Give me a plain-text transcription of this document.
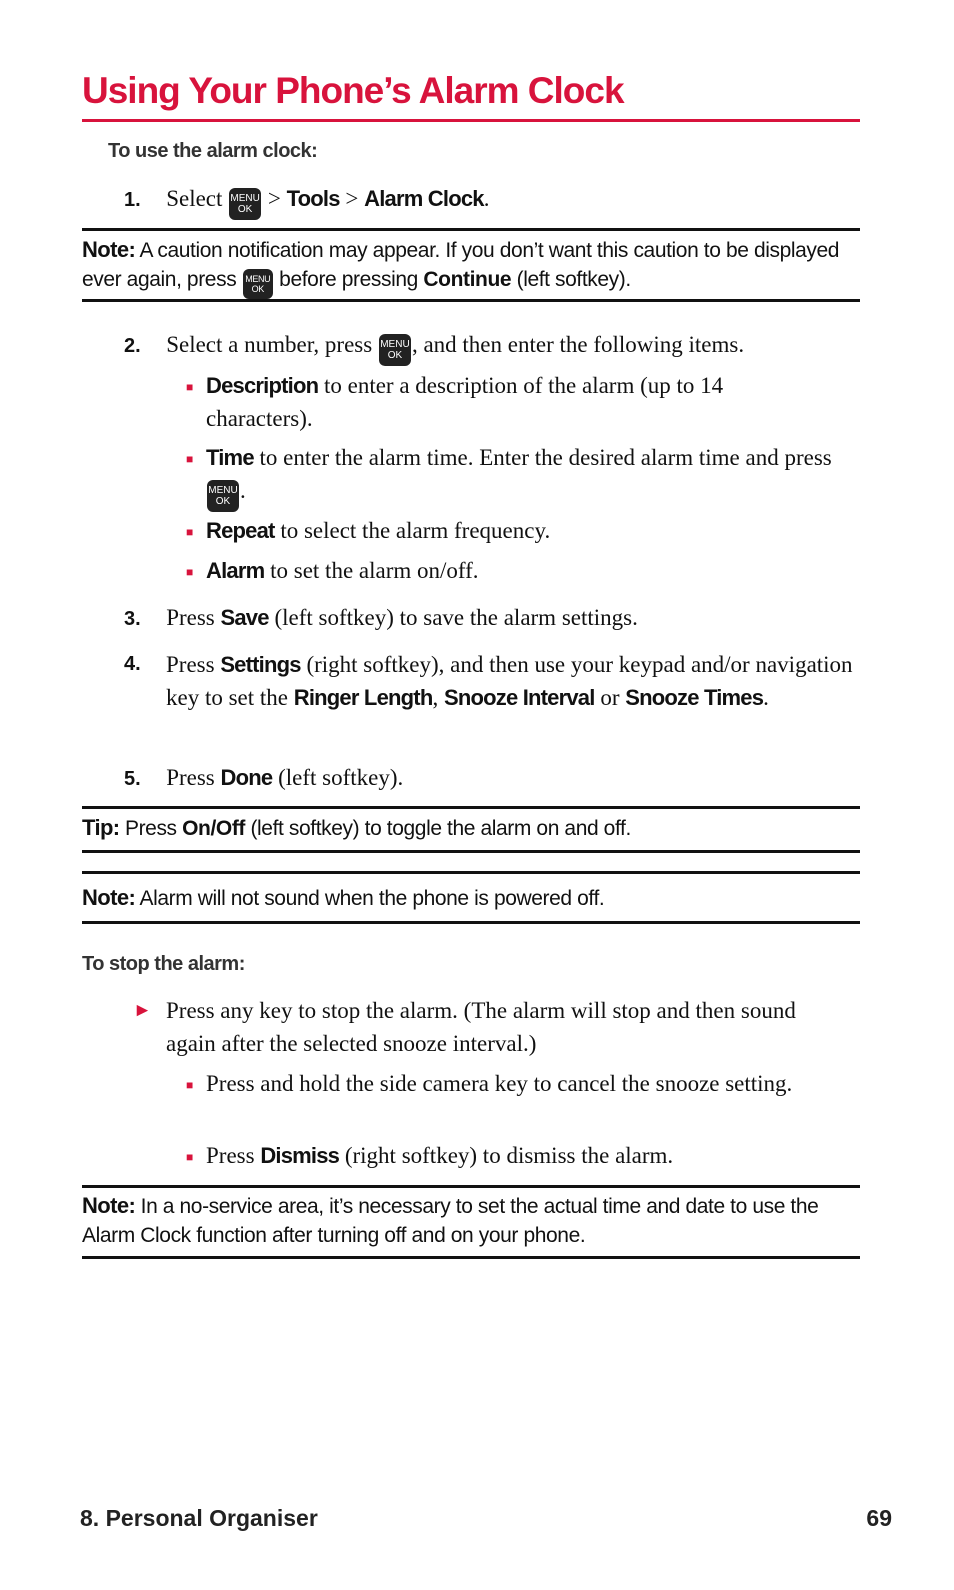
Using Your Phone’s Alarm Clock
To use the alarm clock:
1. Select MENU
OK > Tools > Alarm Clock.
Note: A caution notification may appear. If you don’t want this caution to be displayed ever again, press MENU
OK before pressing Continue (left softkey).
2. Select a number, press MENU
OK , and then enter the following items.
■ Description to enter a description of the alarm (up to 14 characters).
■ Time to enter the alarm time. Enter the desired alarm time and press MENU
OK .
■ Repeat to select the alarm frequency.
■ Alarm to set the alarm on/off.
3. Press Save (left softkey) to save the alarm settings.
4. Press Settings (right softkey), and then use your keypad and/or navigation key to set the Ringer Length, Snooze Interval or Snooze Times.
5. Press Done (left softkey).
Tip: Press On/Off (left softkey) to toggle the alarm on and off.
Note: Alarm will not sound when the phone is powered off.
To stop the alarm:
► Press any key to stop the alarm. (The alarm will stop and then sound again after the selected snooze interval.)
■ Press and hold the side camera key to cancel the snooze setting.
■ Press Dismiss (right softkey) to dismiss the alarm.
Note: In a no-service area, it’s necessary to set the actual time and date to use the Alarm Clock function after turning off and on your phone.
8. Personal Organiser	69
